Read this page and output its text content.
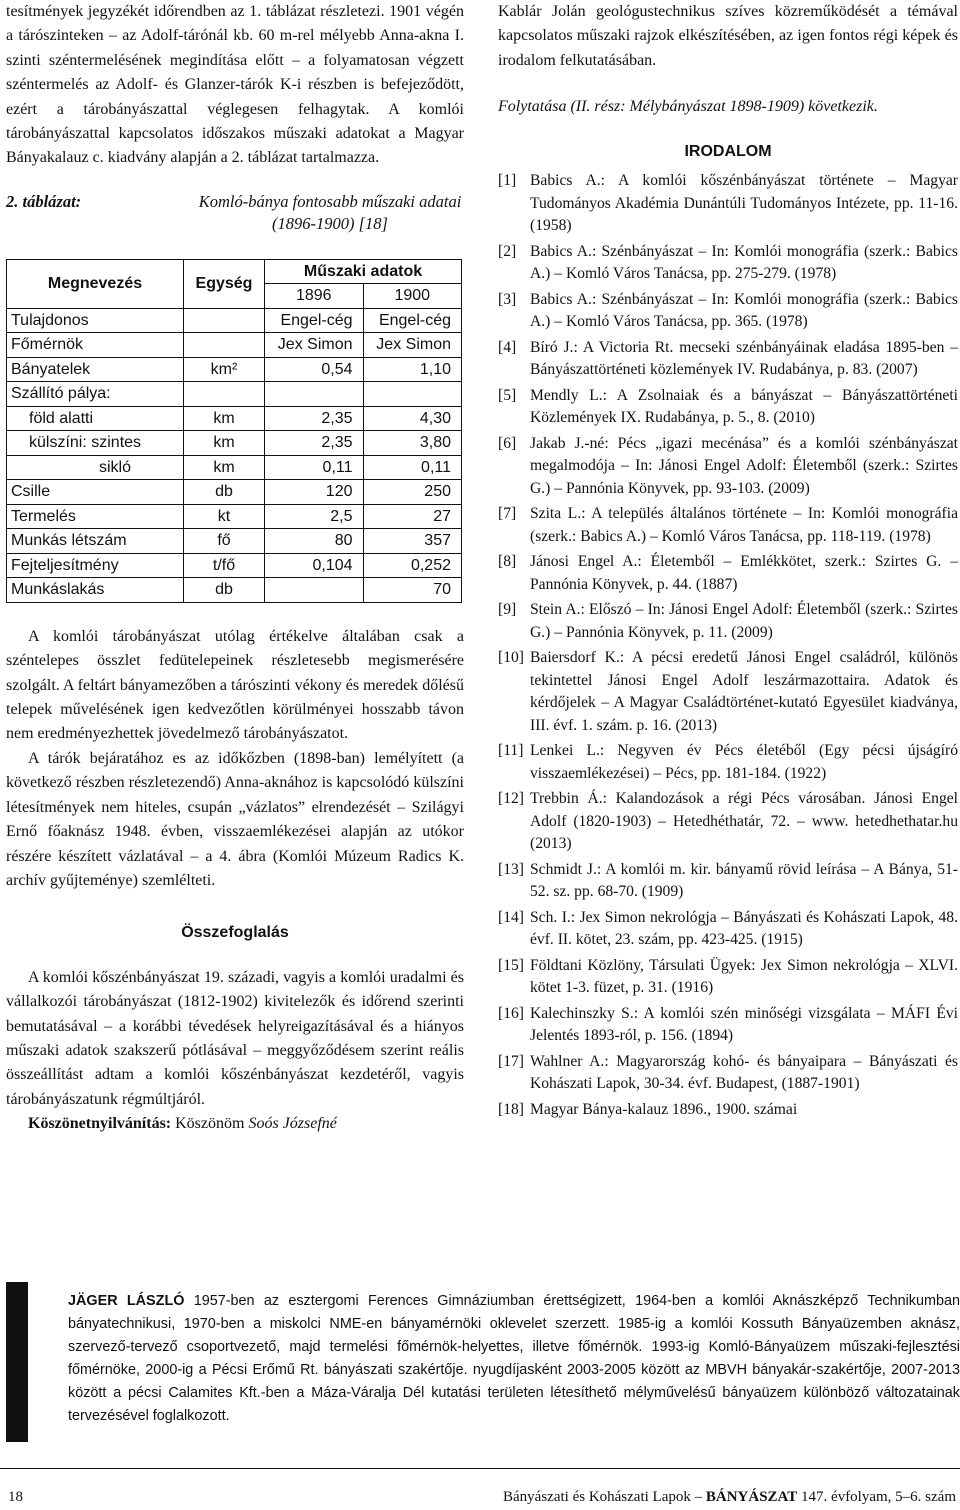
tesítmények jegyzékét időrendben az 1. táblázat részletezi. 1901 végén a tárószinteken – az Adolf-tárónál kb. 60 m-rel mélyebb Anna-akna I. szinti széntermelésének megindítása előtt – a folyamatosan végzett széntermelés az Adolf- és Glanzer-tárók K-i részben is befejeződött, ezért a tárobányászattal véglegesen felhagytak. A komlói tárobányászattal kapcsolatos időszakos műszaki adatokat a Magyar Bányakalauz c. kiadvány alapján a 2. táblázat tartalmazza.

2. táblázat:	Komló-bánya fontosabb műszaki adatai (1896-1900) [18]
Megnevezés	Egység	Műszaki adatok	
		1896	1900
Tulajdonos		Engel-cég	Engel-cég
Főmérnök		Jex Simon	Jex Simon
Bányatelek	km²	0,54	1,10
Szállító pálya:			
föld alatti	km	2,35	4,30
külszíni: szintes	km	2,35	3,80
sikló	km	0,11	0,11
Csille	db	120	250
Termelés	kt	2,5	27
Munkás létszám	fő	80	357
Fejteljesítmény	t/fő	0,104	0,252
Munkáslakás	db		70

A komlói tárobányászat utólag értékelve általában csak a széntelepes összlet fedütelepeinek részletesebb megismerésére szolgált. A feltárt bányamezőben a tárószinti vékony és meredek dőlésű telepek művelésének igen kedvezőtlen körülményei hosszabb távon nem eredményezhettek jövedelmező tárobányászatot.

A tárók bejáratához es az időkőzben (1898-ban) lemélyített (a következő részben részletezendő) Anna-aknához is kapcsolódó külszíni létesítmények nem hiteles, csupán „vázlatos” elrendezését – Szilágyi Ernő főaknász 1948. évben, visszaemlékezései alapján az utókor részére készített vázlatával – a 4. ábra (Komlói Múzeum Radics K. archív gyűjteménye) szemlélteti.

Összefoglalás

A komlói kőszénbányászat 19. századi, vagyis a komlói uradalmi és vállalkozói tárobányászat (1812-1902) kivitelezők és időrend szerinti bemutatásával – a korábbi tévedések helyreigazításával és a hiányos műszaki adatok szakszerű pótlásával – meggyőződésem szerint reális összeállítást adtam a komlói kőszénbányászat kezdetéről, vagyis tárobányászatunk régmúltjáról.

Köszönetnyilvánítás: Köszönöm Soós Józsefné

Kablár Jolán geológustechnikus szíves közreműködését a témával kapcsolatos műszaki rajzok elkészítésében, az igen fontos régi képek és irodalom felkutatásában.

Folytatása (II. rész: Mélybányászat 1898-1909) következik.

IRODALOM
[1] Babics A.: A komlói kőszénbányászat története – Magyar Tudományos Akadémia Dunántúli Tudományos Intézete, pp. 11-16. (1958)
[2] Babics A.: Szénbányászat – In: Komlói monográfia (szerk.: Babics A.) – Komló Város Tanácsa, pp. 275-279. (1978)
[3] Babics A.: Szénbányászat – In: Komlói monográfia (szerk.: Babics A.) – Komló Város Tanácsa, pp. 365. (1978)
[4] Bíró J.: A Victoria Rt. mecseki szénbányáinak eladása 1895-ben – Bányászattörténeti közlemények IV. Rudabánya, p. 83. (2007)
[5] Mendly L.: A Zsolnaiak és a bányászat – Bányászattörténeti Közlemények IX. Rudabánya, p. 5., 8. (2010)
[6] Jakab J.-né: Pécs „igazi mecénása” és a komlói szénbányászat megalmodója – In: Jánosi Engel Adolf: Életemből (szerk.: Szirtes G.) – Pannónia Könyvek, pp. 93-103. (2009)
[7] Szita L.: A település általános története – In: Komlói monográfia (szerk.: Babics A.) – Komló Város Tanácsa, pp. 118-119. (1978)
[8] Jánosi Engel A.: Életemből – Emlékkötet, szerk.: Szirtes G. – Pannónia Könyvek, p. 44. (1887)
[9] Stein A.: Előszó – In: Jánosi Engel Adolf: Életemből (szerk.: Szirtes G.) – Pannónia Könyvek, p. 11. (2009)
[10] Baiersdorf K.: A pécsi eredetű Jánosi Engel családról, különös tekintettel Jánosi Engel Adolf leszármazottaira. Adatok és kérdőjelek – A Magyar Családtörténet-kutató Egyesület kiadványa, III. évf. 1. szám. p. 16. (2013)
[11] Lenkei L.: Negyven év Pécs életéből (Egy pécsi újságíró visszaemlékezései) – Pécs, pp. 181-184. (1922)
[12] Trebbin Á.: Kalandozások a régi Pécs városában. Jánosi Engel Adolf (1820-1903) – Hetedhéthatár, 72. – www. hetedhethatar.hu (2013)
[13] Schmidt J.: A komlói m. kir. bányamű rövid leírása – A Bánya, 51-52. sz. pp. 68-70. (1909)
[14] Sch. I.: Jex Simon nekrológja – Bányászati és Kohászati Lapok, 48. évf. II. kötet, 23. szám, pp. 423-425. (1915)
[15] Földtani Közlöny, Társulati Ügyek: Jex Simon nekrológja – XLVI. kötet 1-3. füzet, p. 31. (1916)
[16] Kalechinszky S.: A komlói szén minőségi vizsgálata – MÁFI Évi Jelentés 1893-ról, p. 156. (1894)
[17] Wahlner A.: Magyarország kohó- és bányaipara – Bányászati és Kohászati Lapok, 30-34. évf. Budapest, (1887-1901)
[18] Magyar Bánya-kalauz 1896., 1900. számai
JÄGER LÁSZLÓ 1957-ben az esztergomi Ferences Gimnáziumban érettségizett, 1964-ben a komlói Aknászképző Technikumban bányatechnikusi, 1970-ben a miskolci NME-en bányamérnöki oklevelet szerzett. 1985-ig a komlói Kossuth Bányaüzemben aknász, szervező-tervező csoportvezető, majd termelési főmérnök-helyettes, illetve főmérnök. 1993-ig Komló-Bányaüzem műszaki-fejlesztési főmérnöke, 2000-ig a Pécsi Erőmű Rt. bányászati szakértője. nyugdíjasként 2003-2005 között az MBVH bányakár-szakértője, 2007-2013 között a pécsi Calamites Kft.-ben a Máza-Váralja Dél kutatási területen létesíthető mélyművelésű bányaüzem különböző változatainak tervezésével foglalkozott.
18	Bányászati és Kohászati Lapok – BÁNYÁSZAT 147. évfolyam, 5–6. szám
